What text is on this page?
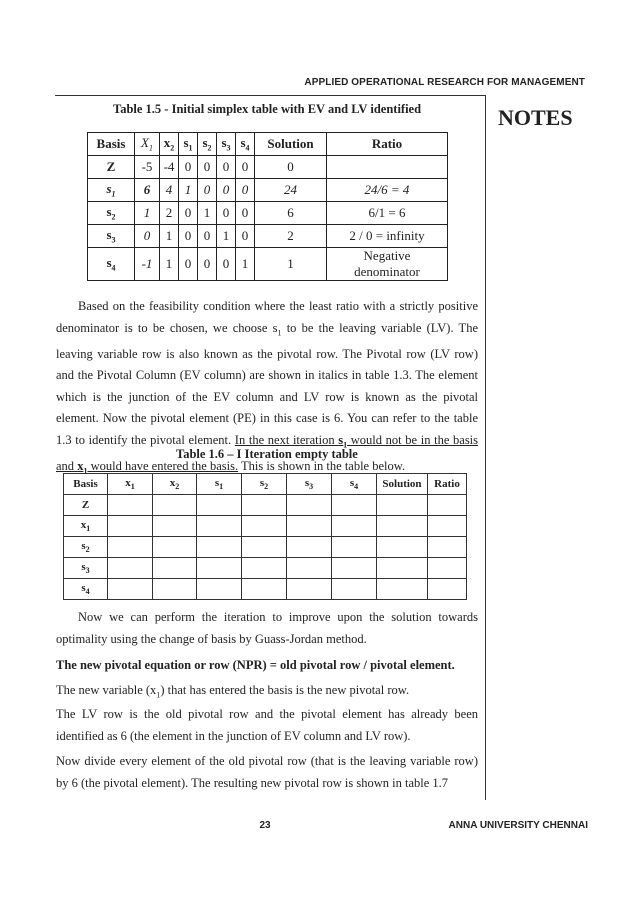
APPLIED OPERATIONAL RESEARCH FOR MANAGEMENT
NOTES
Table 1.5 - Initial simplex table with EV and LV identified
Basis	$X_1$	$x_2$	$s_1$	$s_2$	$s_3$	$s_4$	Solution	Ratio
Z	-5	-4	0	0	0	0	0	
$s_1$	6	4	1	0	0	0	24	24/6 = 4
$s_2$	1	2	0	1	0	0	6	6/1 = 6
$s_3$	0	1	0	0	1	0	2	2 / 0 = infinity
$s_4$	-1	1	0	0	0	1	1	Negative denominator
Based on the feasibility condition where the least ratio with a strictly positive denominator is to be chosen, we choose $s_1$ to be the leaving variable (LV). The leaving variable row is also known as the pivotal row. The Pivotal row (LV row) and the Pivotal Column (EV column) are shown in italics in table 1.3. The element which is the junction of the EV column and LV row is known as the pivotal element. Now the pivotal element (PE) in this case is 6. You can refer to the table 1.3 to identify the pivotal element. In the next iteration $s_1$ would not be in the basis and $x_1$ would have entered the basis. This is shown in the table below.
Table 1.6 – I Iteration empty table
Basis	$x_1$	$x_2$	$s_1$	$s_2$	$s_3$	$s_4$	Solution	Ratio
Z								
$x_1$								
$s_2$								
$s_3$								
$s_4$								
Now we can perform the iteration to improve upon the solution towards optimality using the change of basis by Guass-Jordan method.
The new pivotal equation or row (NPR) = old pivotal row / pivotal element.
The new variable $(x_1)$ that has entered the basis is the new pivotal row.
The LV row is the old pivotal row and the pivotal element has already been identified as 6 (the element in the junction of EV column and LV row).
Now divide every element of the old pivotal row (that is the leaving variable row) by 6 (the pivotal element). The resulting new pivotal row is shown in table 1.7
23	ANNA UNIVERSITY CHENNAI
